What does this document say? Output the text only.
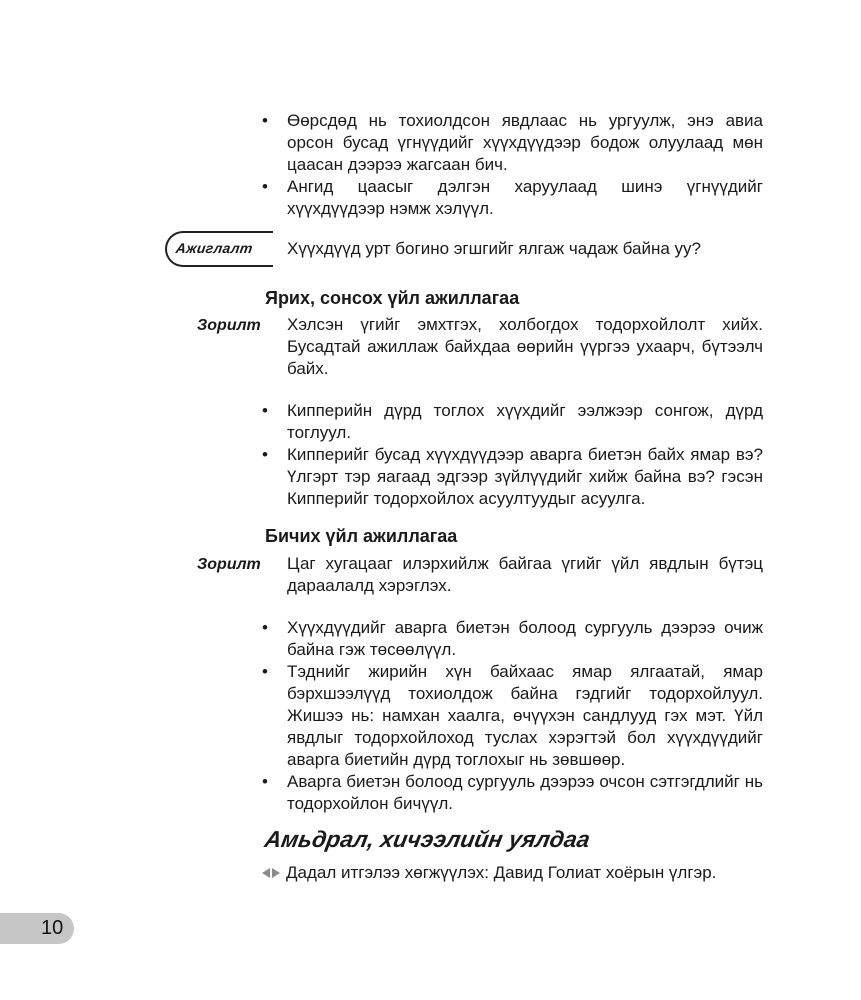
• Өөрсдөд нь тохиолдсон явдлаас нь ургуулж, энэ авиа орсон бусад үгнүүдийг хүүхдүүдээр бодож олуулаад мөн цаасан дээрээ жагсаан бич.
• Ангид цаасыг дэлгэн харуулаад шинэ үгнүүдийг хүүхдүүдээр нэмж хэлүүл.
Ажиглалт Хүүхдүүд урт богино эгшгийг ялгаж чадаж байна уу?
Ярих, сонсох үйл ажиллагаа
Зорилт Хэлсэн үгийг эмхтгэх, холбогдох тодорхойлолт хийх. Бусадтай ажиллаж байхдаа өөрийн үүргээ ухаарч, бүтээлч байх.

• Кипперийн дүрд тоглох хүүхдийг ээлжээр сонгож, дүрд тоглуул.
• Кипперийг бусад хүүхдүүдээр аварга биетэн байх ямар вэ? Үлгэрт тэр яагаад эдгээр зүйлүүдийг хийж байна вэ? гэсэн Кипперийг тодорхойлох асуултуудыг асуулга.
Бичих үйл ажиллагаа
Зорилт Цаг хугацааг илэрхийлж байгаа үгийг үйл явдлын бүтэц дараалалд хэрэглэх.

• Хүүхдүүдийг аварга биетэн болоод сургууль дээрээ очиж байна гэж төсөөлүүл.
• Тэднийг жирийн хүн байхаас ямар ялгаатай, ямар бэрхшээлүүд тохиолдож байна гэдгийг тодорхойлуул. Жишээ нь: намхан хаалга, өчүүхэн сандлууд гэх мэт. Үйл явдлыг тодорхойлоход туслах хэрэгтэй бол хүүхдүүдийг аварга биетийн дүрд тоглохыг нь зөвшөөр.
• Аварга биетэн болоод сургууль дээрээ очсон сэтгэгдлийг нь тодорхойлон бичүүл.
Амьдрал, хичээлийн уялдаа
Дадал итгэлээ хөгжүүлэх: Давид Голиат хоёрын үлгэр.
10
